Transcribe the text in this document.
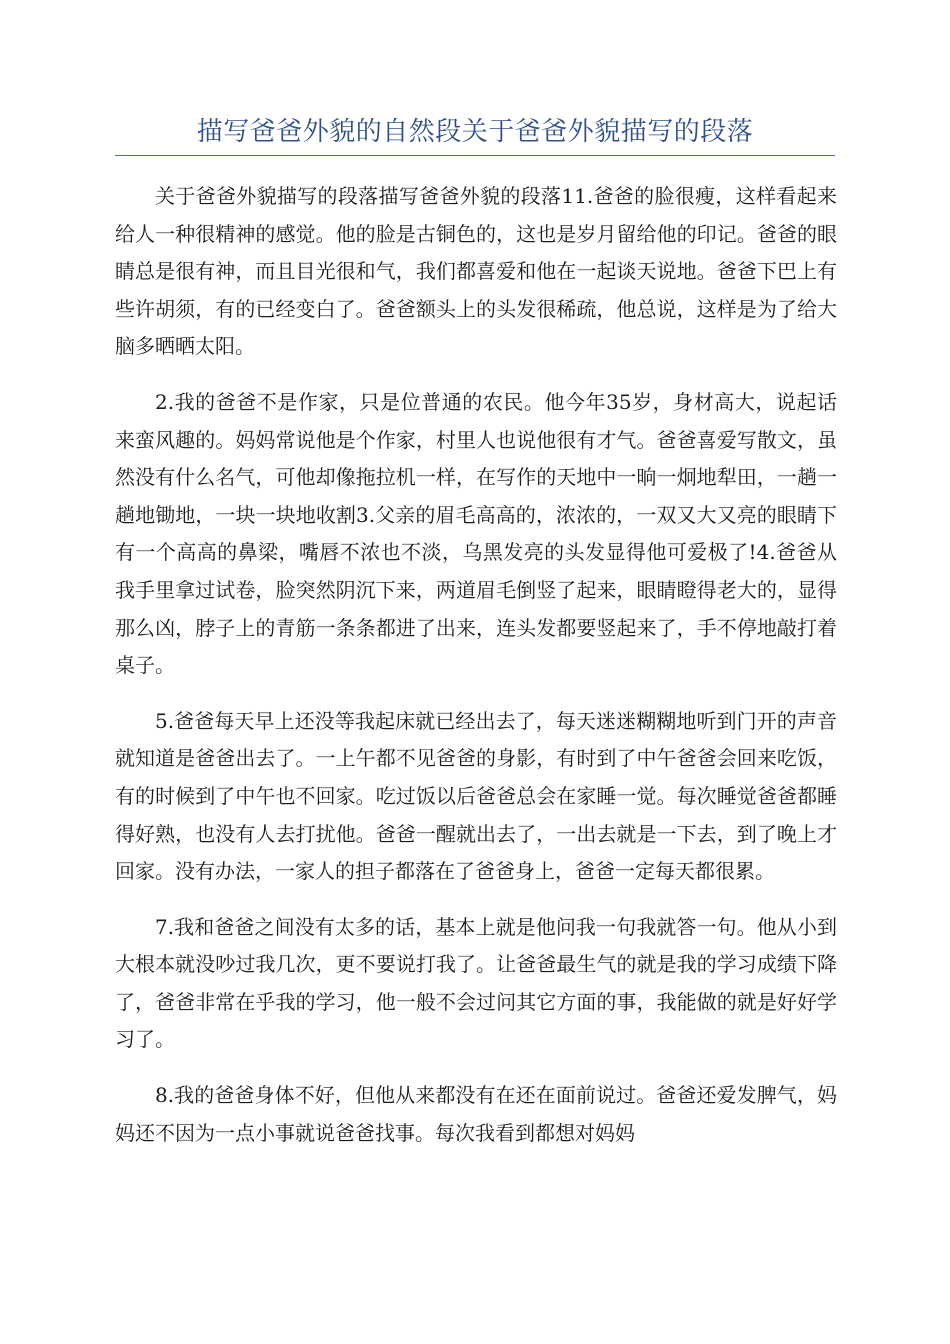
描写爸爸外貌的自然段关于爸爸外貌描写的段落

关于爸爸外貌描写的段落描写爸爸外貌的段落11.爸爸的脸很瘦，这样看起来给人一种很精神的感觉。他的脸是古铜色的，这也是岁月留给他的印记。爸爸的眼睛总是很有神，而且目光很和气，我们都喜爱和他在一起谈天说地。爸爸下巴上有些许胡须，有的已经变白了。爸爸额头上的头发很稀疏，他总说，这样是为了给大脑多晒晒太阳。

2.我的爸爸不是作家，只是位普通的农民。他今年35岁，身材高大，说起话来蛮风趣的。妈妈常说他是个作家，村里人也说他很有才气。爸爸喜爱写散文，虽然没有什么名气，可他却像拖拉机一样，在写作的天地中一晌一炯地犁田，一趟一趟地锄地，一块一块地收割3.父亲的眉毛高高的，浓浓的，一双又大又亮的眼睛下有一个高高的鼻梁，嘴唇不浓也不淡，乌黑发亮的头发显得他可爱极了!4.爸爸从我手里拿过试卷，脸突然阴沉下来，两道眉毛倒竖了起来，眼睛瞪得老大的，显得那么凶，脖子上的青筋一条条都进了出来，连头发都要竖起来了，手不停地敲打着桌子。

5.爸爸每天早上还没等我起床就已经出去了，每天迷迷糊糊地听到门开的声音就知道是爸爸出去了。一上午都不见爸爸的身影，有时到了中午爸爸会回来吃饭，有的时候到了中午也不回家。吃过饭以后爸爸总会在家睡一觉。每次睡觉爸爸都睡得好熟，也没有人去打扰他。爸爸一醒就出去了，一出去就是一下去，到了晚上才回家。没有办法，一家人的担子都落在了爸爸身上，爸爸一定每天都很累。

7.我和爸爸之间没有太多的话，基本上就是他问我一句我就答一句。他从小到大根本就没吵过我几次，更不要说打我了。让爸爸最生气的就是我的学习成绩下降了，爸爸非常在乎我的学习，他一般不会过问其它方面的事，我能做的就是好好学习了。

8.我的爸爸身体不好，但他从来都没有在还在面前说过。爸爸还爱发脾气，妈妈还不因为一点小事就说爸爸找事。每次我看到都想对妈妈
